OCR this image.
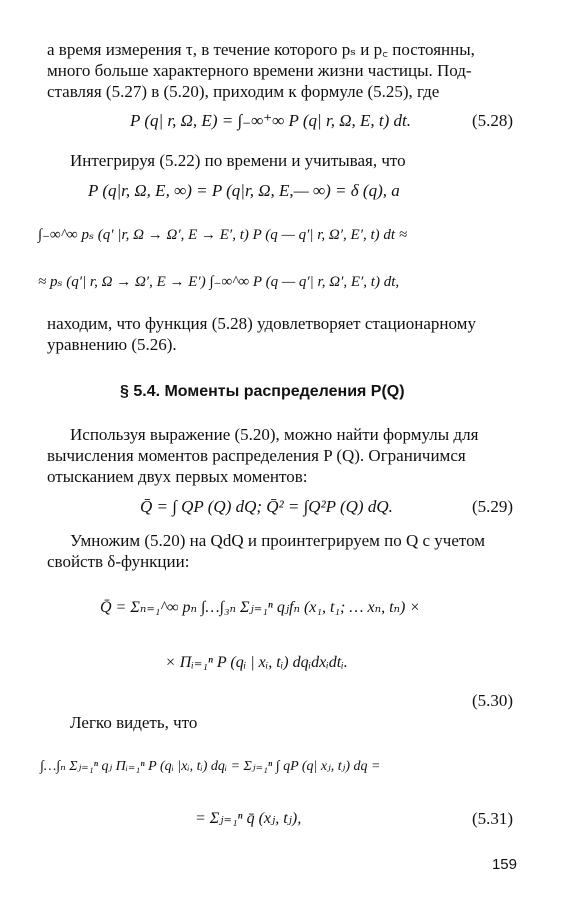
а время измерения τ, в течение которого pₛ и p꜀ постоянны,
много больше характерного времени жизни частицы. Под-
ставляя (5.27) в (5.20), приходим к формуле (5.25), где
P (q| r, Ω, E) = ∫₋∞⁺∞ P (q| r, Ω, E, t) dt.	(5.28)
Интегрируя (5.22) по времени и учитывая, что
P (q|r, Ω, E, ∞) = P (q|r, Ω, E,— ∞) = δ (q), a
∫₋∞^∞ pₛ (q′ |r, Ω → Ω′, E → E′, t) P (q — q′| r, Ω′, E′, t) dt ≈
≈ pₛ (q′| r, Ω → Ω′, E → E′) ∫₋∞^∞ P (q — q′| r, Ω′, E′, t) dt,
находим, что функция (5.28) удовлетворяет стационарному
уравнению (5.26).
§ 5.4. Моменты распределения P(Q)
Используя выражение (5.20), можно найти формулы для
вычисления моментов распределения P (Q). Ограничимся
отысканием двух первых моментов:
Q̄ = ∫ QP (Q) dQ; Q̄² = ∫Q²P (Q) dQ.	(5.29)
Умножим (5.20) на QdQ и проинтегрируем по Q с учетом
свойств δ-функции:
Q̄ = Σₙ₌₁^∞ pₙ ∫…∫₃ₙ Σⱼ₌₁ⁿ qⱼfₙ (x₁, t₁; … xₙ, tₙ) ×
× Πᵢ₌₁ⁿ P (qᵢ | xᵢ, tᵢ) dqᵢdxᵢdtᵢ.
(5.30)
Легко видеть, что
∫…∫ₙ Σⱼ₌₁ⁿ qⱼ Πᵢ₌₁ⁿ P (qᵢ |xᵢ, tᵢ) dqᵢ = Σⱼ₌₁ⁿ ∫ qP (q| xⱼ, tⱼ) dq =
= Σⱼ₌₁ⁿ q̄ (xⱼ, tⱼ),	(5.31)
159
